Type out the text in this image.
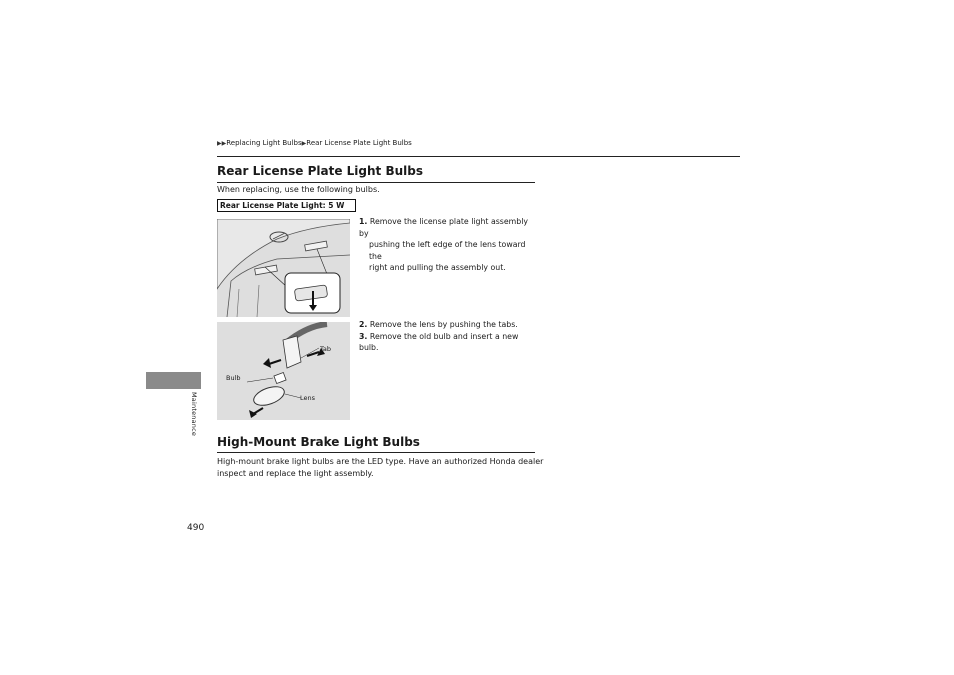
▶▶Replacing Light Bulbs▶Rear License Plate Light Bulbs
Rear License Plate Light Bulbs
When replacing, use the following bulbs.
Rear License Plate Light: 5 W
Tab
Bulb
Lens
1. Remove the license plate light assembly by
pushing the left edge of the lens toward the
right and pulling the assembly out.
2. Remove the lens by pushing the tabs.
3. Remove the old bulb and insert a new bulb.
High-Mount Brake Light Bulbs
High-mount brake light bulbs are the LED type. Have an authorized Honda dealer
inspect and replace the light assembly.
Maintenance
490
